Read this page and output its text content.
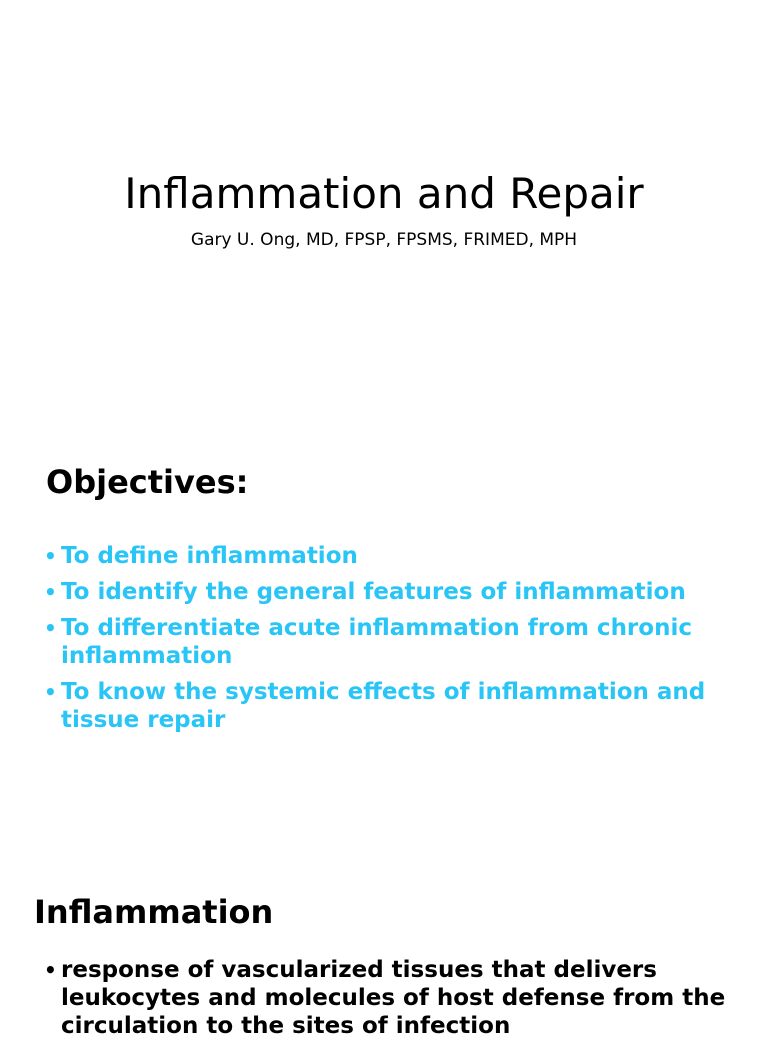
Inflammation and Repair

Gary U. Ong, MD, FPSP, FPSMS, FRIMED, MPH

Objectives:
• To define inflammation
• To identify the general features of inflammation
• To differentiate acute inflammation from chronic inflammation
• To know the systemic effects of inflammation and tissue repair
Inflammation
• response of vascularized tissues that delivers leukocytes and molecules of host defense from the circulation to the sites of infection
